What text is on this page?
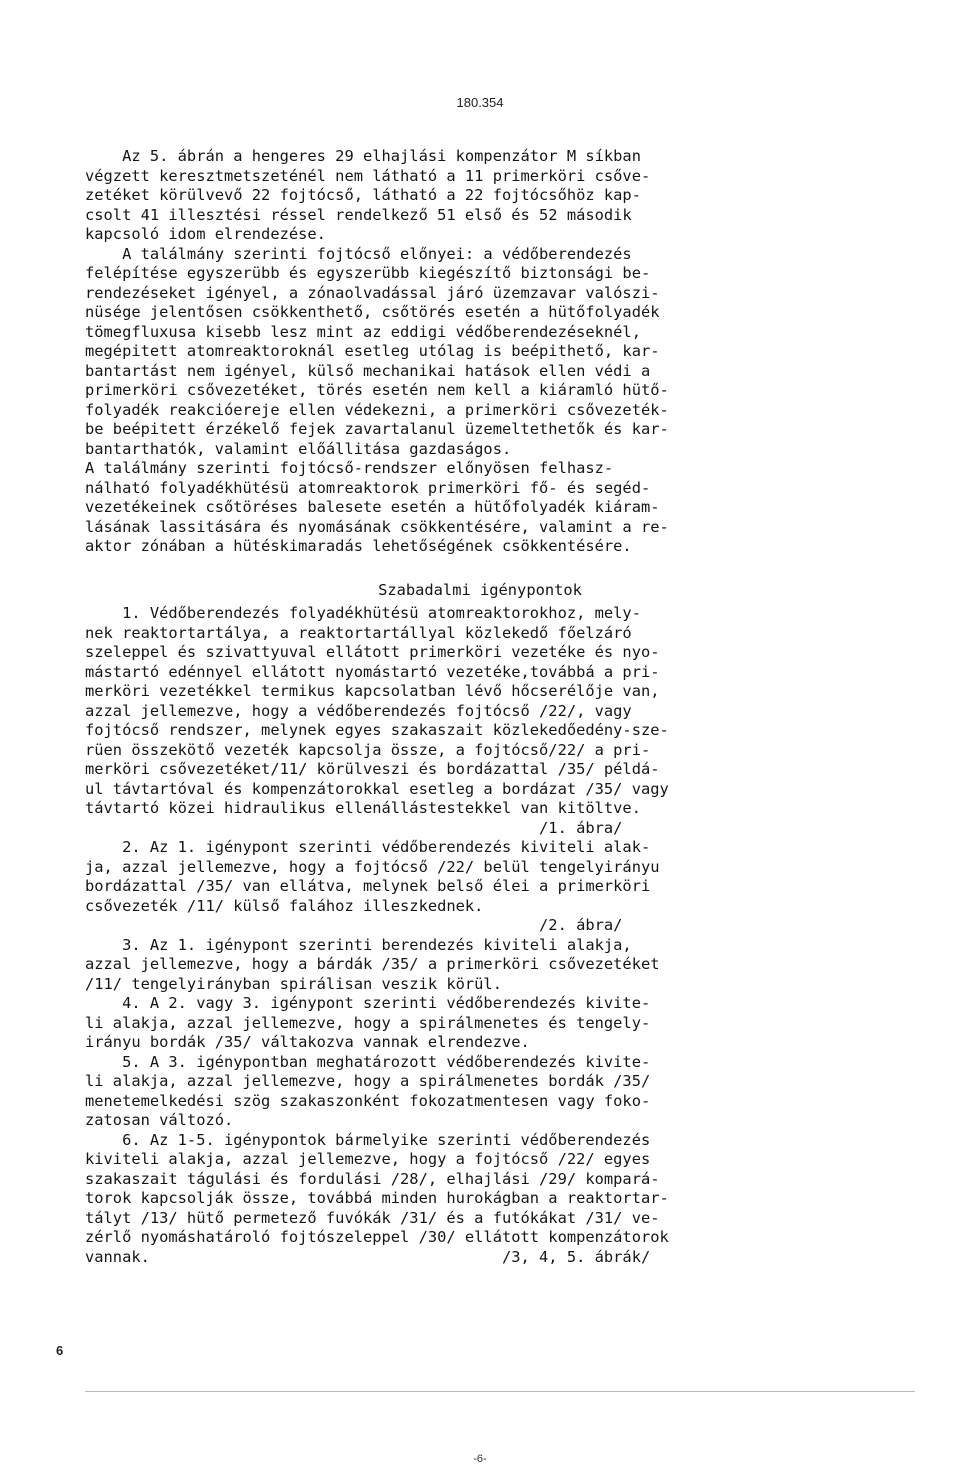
180.354
Az 5. ábrán a hengeres 29 elhajlási kompenzátor M síkban
végzett keresztmetszeténél nem látható a 11 primerköri csőve-
zetéket körülvevő 22 fojtócső, látható a 22 fojtócsőhöz kap-
csolt 41 illesztési réssel rendelkező 51 első és 52 második
kapcsoló idom elrendezése.
A találmány szerinti fojtócső előnyei: a védőberendezés
felépítése egyszerübb és egyszerübb kiegészítő biztonsági be-
rendezéseket igényel, a zónaolvadással járó üzemzavar valószi-
nüsége jelentősen csökkenthető, csőtörés esetén a hütőfolyadék
tömegfluxusa kisebb lesz mint az eddigi védőberendezéseknél,
megépitett atomreaktoroknál esetleg utólag is beépithető, kar-
bantartást nem igényel, külső mechanikai hatások ellen védi a
primerköri csővezetéket, törés esetén nem kell a kiáramló hütő-
folyadék reakcióereje ellen védekezni, a primerköri csővezeték-
be beépitett érzékelő fejek zavartalanul üzemeltethetők és kar-
bantarthatók, valamint előállitása gazdaságos.
A találmány szerinti fojtócső-rendszer előnyösen felhasz-
nálható folyadékhütésü atomreaktorok primerköri fő- és segéd-
vezetékeinek csőtöréses balesete esetén a hütőfolyadék kiáram-
lásának lassitására és nyomásának csökkentésére, valamint a re-
aktor zónában a hütéskimaradás lehetőségének csökkentésére.
Szabadalmi igénypontok
1. Védőberendezés folyadékhütésü atomreaktorokhoz, mely-
nek reaktortartálya, a reaktortartállyal közlekedő főelzáró
szeleppel és szivattyuval ellátott primerköri vezetéke és nyo-
mástartó edénnyel ellátott nyomástartó vezetéke,továbbá a pri-
merköri vezetékkel termikus kapcsolatban lévő hőcserélője van,
azzal jellemezve, hogy a védőberendezés fojtócső /22/, vagy
fojtócső rendszer, melynek egyes szakaszait közlekedőedény-sze-
rüen összekötő vezeték kapcsolja össze, a fojtócső/22/ a pri-
merköri csővezetéket/11/ körülveszi és bordázattal /35/ példá-
ul távtartóval és kompenzátorokkal esetleg a bordázat /35/ vagy
távtartó közei hidraulikus ellenállástestekkel van kitöltve.
/1. ábra/
2. Az 1. igénypont szerinti védőberendezés kiviteli alak-
ja, azzal jellemezve, hogy a fojtócső /22/ belül tengelyirányu
bordázattal /35/ van ellátva, melynek belső élei a primerköri
csővezeték /11/ külső falához illeszkednek.
/2. ábra/
3. Az 1. igénypont szerinti berendezés kiviteli alakja,
azzal jellemezve, hogy a bárdák /35/ a primerköri csővezetéket
/11/ tengelyirányban spirálisan veszik körül.
4. A 2. vagy 3. igénypont szerinti védőberendezés kivite-
li alakja, azzal jellemezve, hogy a spirálmenetes és tengely-
irányu bordák /35/ váltakozva vannak elrendezve.
5. A 3. igénypontban meghatározott védőberendezés kivite-
li alakja, azzal jellemezve, hogy a spirálmenetes bordák /35/
menetemelkedési szög szakaszonként fokozatmentesen vagy foko-
zatosan változó.
6. Az 1-5. igénypontok bármelyike szerinti védőberendezés
kiviteli alakja, azzal jellemezve, hogy a fojtócső /22/ egyes
szakaszait tágulási és fordulási /28/, elhajlási /29/ kompará-
torok kapcsolják össze, továbbá minden hurokágban a reaktortar-
tályt /13/ hütő permetező fuvókák /31/ és a futókákat /31/ ve-
zérlő nyomáshatároló fojtószeleppel /30/ ellátott kompenzátorok
vannak.                                      /3, 4, 5. ábrák/
6
-6-
